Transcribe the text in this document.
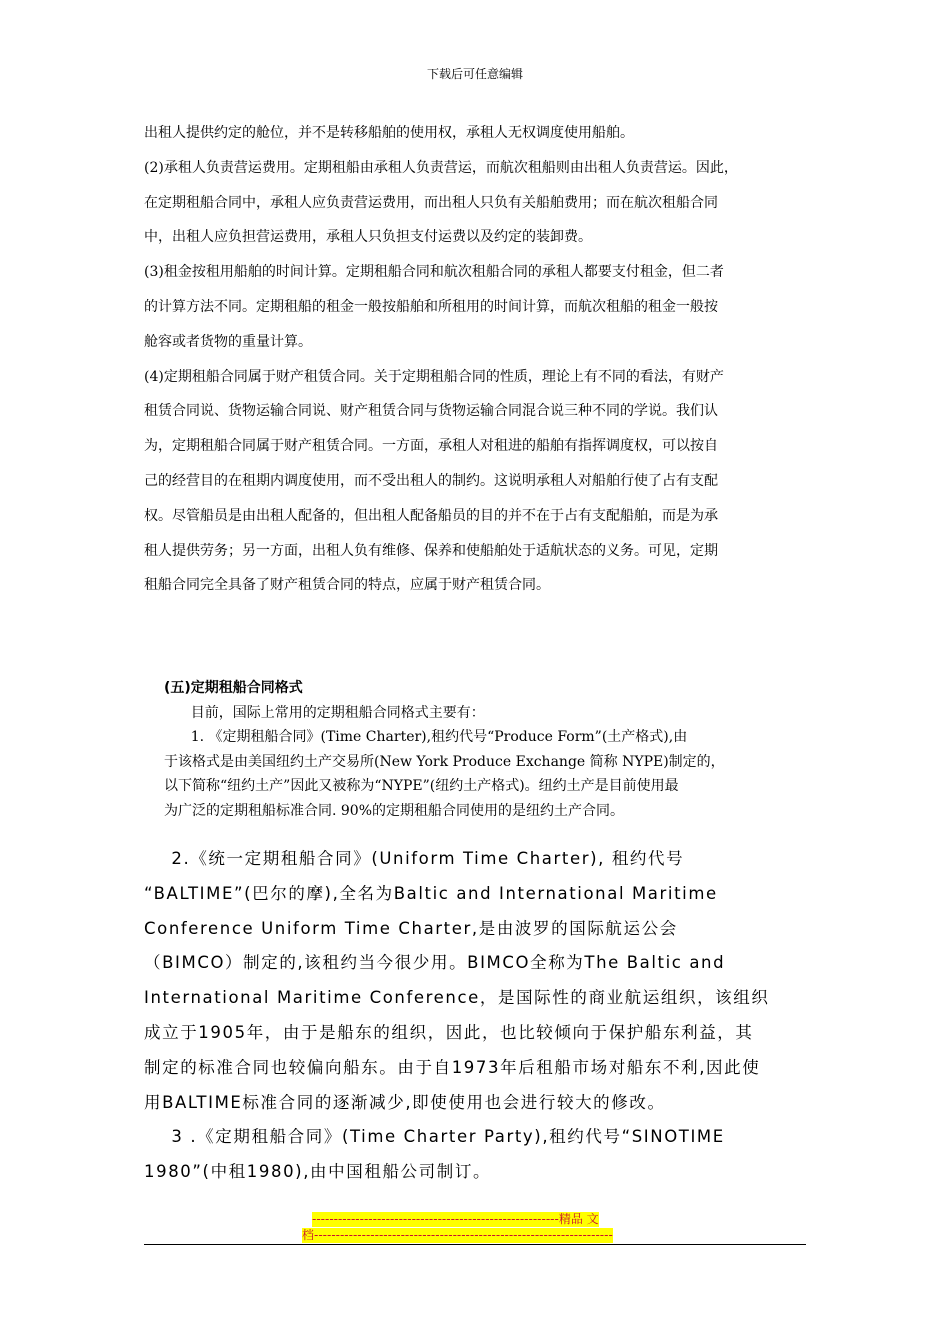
下载后可任意编辑
出租人提供约定的舱位，并不是转移船舶的使用权，承租人无权调度使用船舶。
(2)承租人负责营运费用。定期租船由承租人负责营运，而航次租船则由出租人负责营运。因此，
在定期租船合同中，承租人应负责营运费用，而出租人只负有关船舶费用；而在航次租船合同
中，出租人应负担营运费用，承租人只负担支付运费以及约定的装卸费。
(3)租金按租用船舶的时间计算。定期租船合同和航次租船合同的承租人都要支付租金，但二者
的计算方法不同。定期租船的租金一般按船舶和所租用的时间计算，而航次租船的租金一般按
舱容或者货物的重量计算。
(4)定期租船合同属于财产租赁合同。关于定期租船合同的性质，理论上有不同的看法，有财产
租赁合同说、货物运输合同说、财产租赁合同与货物运输合同混合说三种不同的学说。我们认
为，定期租船合同属于财产租赁合同。一方面，承租人对租进的船舶有指挥调度权，可以按自
己的经营目的在租期内调度使用，而不受出租人的制约。这说明承租人对船舶行使了占有支配
权。尽管船员是由出租人配备的，但出租人配备船员的目的并不在于占有支配船舶，而是为承
租人提供劳务；另一方面，出租人负有维修、保养和使船舶处于适航状态的义务。可见，定期
租船合同完全具备了财产租赁合同的特点，应属于财产租赁合同。
(五)定期租船合同格式
目前，国际上常用的定期租船合同格式主要有：
1. 《定期租船合同》(Time Charter),租约代号“Produce Form”(土产格式),由
于该格式是由美国纽约土产交易所(New York Produce Exchange 简称 NYPE)制定的，
以下简称“纽约土产”因此又被称为“NYPE”(纽约土产格式)。纽约土产是目前使用最
为广泛的定期租船标准合同. 90%的定期租船合同使用的是纽约土产合同。
2.《统一定期租船合同》(Uniform Time Charter), 租约代号
“BALTIME”(巴尔的摩),全名为Baltic and International Maritime
Conference Uniform Time Charter,是由波罗的国际航运公会
（BIMCO）制定的,该租约当今很少用。BIMCO全称为The Baltic and
International Maritime Conference，是国际性的商业航运组织，该组织
成立于1905年，由于是船东的组织，因此，也比较倾向于保护船东利益，其
制定的标准合同也较偏向船东。由于自1973年后租船市场对船东不利,因此使
用BALTIME标准合同的逐渐减少,即使使用也会进行较大的修改。
3 .《定期租船合同》(Time Charter Party),租约代号“SINOTIME
1980”(中租1980),由中国租船公司制订。
---------------------------------------------------------精品 文
档---------------------------------------------------------------------
